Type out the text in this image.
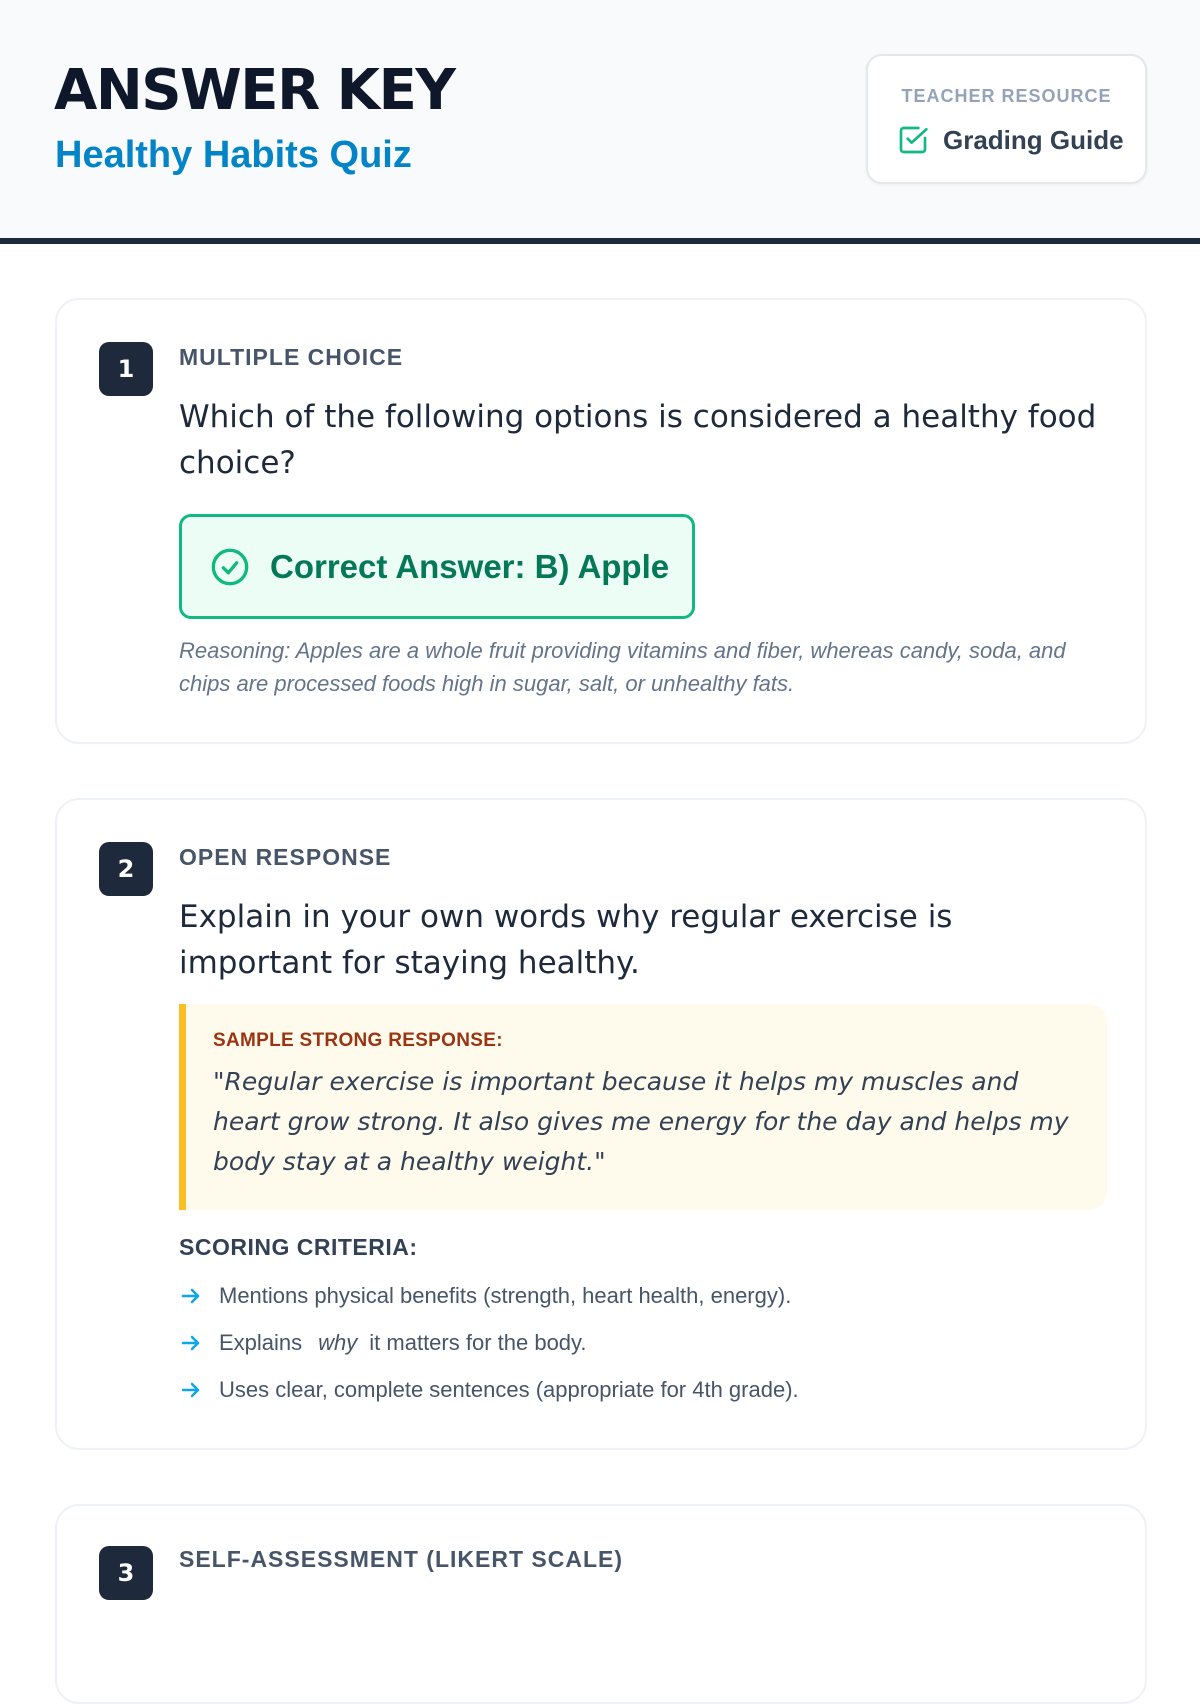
ANSWER KEY
Healthy Habits Quiz
TEACHER RESOURCE
Grading Guide
1	MULTIPLE CHOICE
Which of the following options is considered a healthy food choice?
Correct Answer: B) Apple
Reasoning: Apples are a whole fruit providing vitamins and fiber, whereas candy, soda, and chips are processed foods high in sugar, salt, or unhealthy fats.
2	OPEN RESPONSE
Explain in your own words why regular exercise is important for staying healthy.
SAMPLE STRONG RESPONSE:
"Regular exercise is important because it helps my muscles and heart grow strong. It also gives me energy for the day and helps my body stay at a healthy weight."
SCORING CRITERIA:
Mentions physical benefits (strength, heart health, energy).
Explains why it matters for the body.
Uses clear, complete sentences (appropriate for 4th grade).
3	SELF-ASSESSMENT (LIKERT SCALE)
